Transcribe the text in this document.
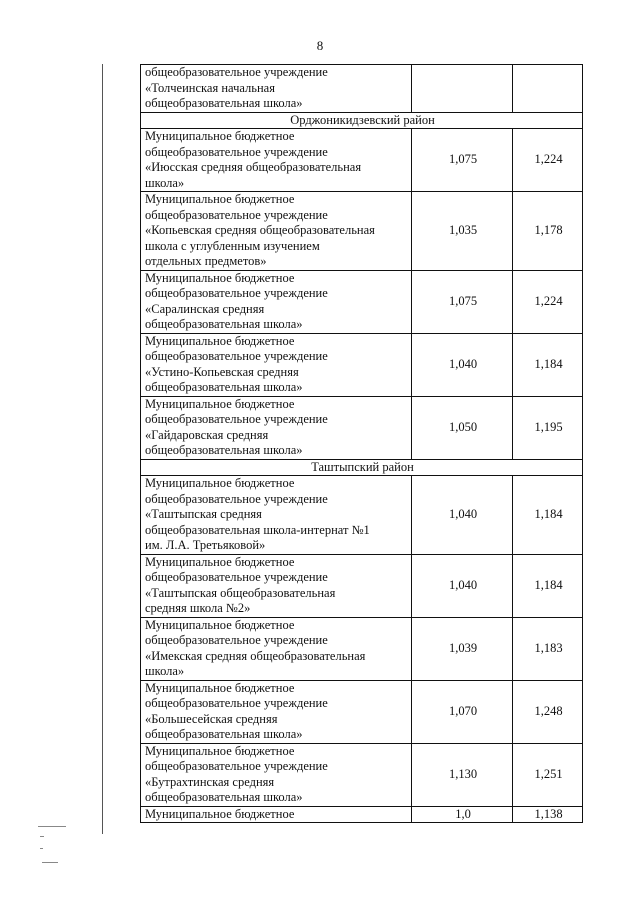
8
общеобразовательное учреждение
«Толчеинская начальная
общеобразовательная школа»		
Орджоникидзевский район		
Муниципальное бюджетное
общеобразовательное учреждение
«Июсская средняя общеобразовательная
школа»	1,075	1,224
Муниципальное бюджетное
общеобразовательное учреждение
«Копьевская средняя общеобразовательная
школа с углубленным изучением
отдельных предметов»	1,035	1,178
Муниципальное бюджетное
общеобразовательное учреждение
«Саралинская средняя
общеобразовательная школа»	1,075	1,224
Муниципальное бюджетное
общеобразовательное учреждение
«Устино-Копьевская средняя
общеобразовательная школа»	1,040	1,184
Муниципальное бюджетное
общеобразовательное учреждение
«Гайдаровская средняя
общеобразовательная школа»	1,050	1,195
Таштыпский район		
Муниципальное бюджетное
общеобразовательное учреждение
«Таштыпская средняя
общеобразовательная школа-интернат №1
им. Л.А. Третьяковой»	1,040	1,184
Муниципальное бюджетное
общеобразовательное учреждение
«Таштыпская общеобразовательная
средняя школа №2»	1,040	1,184
Муниципальное бюджетное
общеобразовательное учреждение
«Имекская средняя общеобразовательная
школа»	1,039	1,183
Муниципальное бюджетное
общеобразовательное учреждение
«Большесейская средняя
общеобразовательная школа»	1,070	1,248
Муниципальное бюджетное
общеобразовательное учреждение
«Бутрахтинская средняя
общеобразовательная школа»	1,130	1,251
Муниципальное бюджетное	1,0	1,138
